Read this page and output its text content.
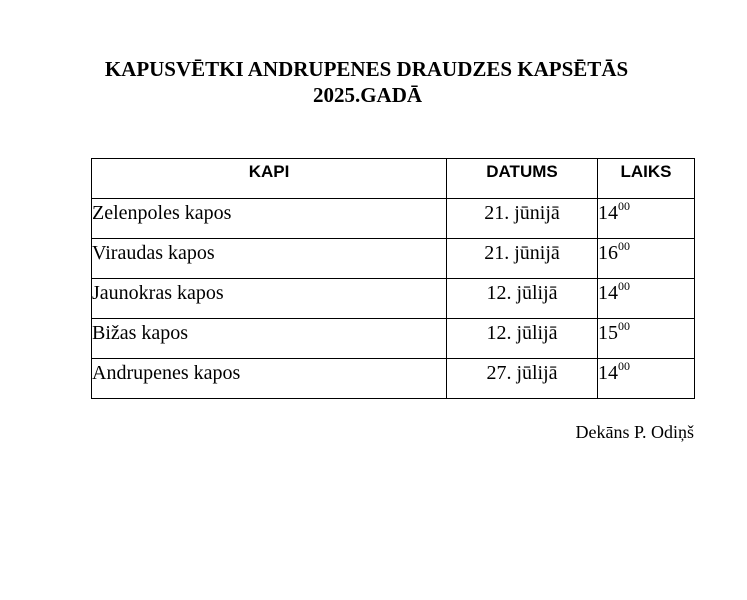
KAPUSVĒTKI ANDRUPENES DRAUDZES KAPSĒTĀS
2025.GADĀ
KAPI	DATUMS	LAIKS
Zelenpoles kapos	21. jūnijā	$14^{00}$
Viraudas kapos	21. jūnijā	$16^{00}$
Jaunokras kapos	12. jūlijā	$14^{00}$
Bižas kapos	12. jūlijā	$15^{00}$
Andrupenes kapos	27. jūlijā	$14^{00}$
Dekāns P. Odiņš
